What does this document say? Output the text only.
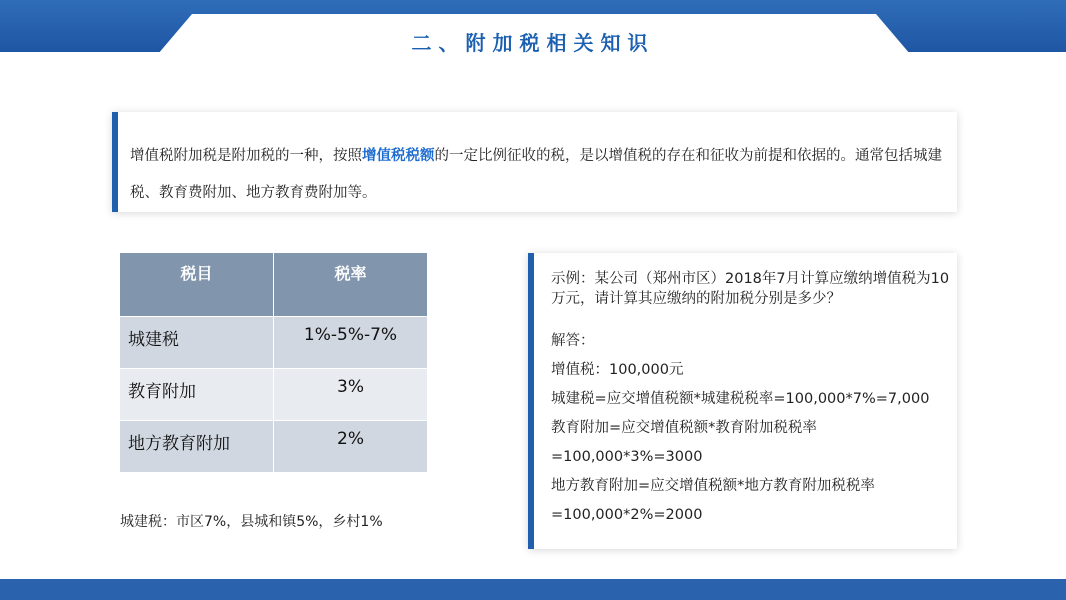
二、附加税相关知识
增值税附加税是附加税的一种，按照增值税税额的一定比例征收的税，是以增值税的存在和征收为前提和依据的。通常包括城建税、教育费附加、地方教育费附加等。
税目	税率
城建税	1%-5%-7%
教育附加	3%
地方教育附加	2%
城建税：市区7%，县城和镇5%，乡村1%

示例：某公司（郑州市区）2018年7月计算应缴纳增值税为10万元，请计算其应缴纳的附加税分别是多少？

解答：
增值税：100,000元
城建税=应交增值税额*城建税税率=100,000*7%=7,000
教育附加=应交增值税额*教育附加税税率
=100,000*3%=3000
地方教育附加=应交增值税额*地方教育附加税税率
=100,000*2%=2000
